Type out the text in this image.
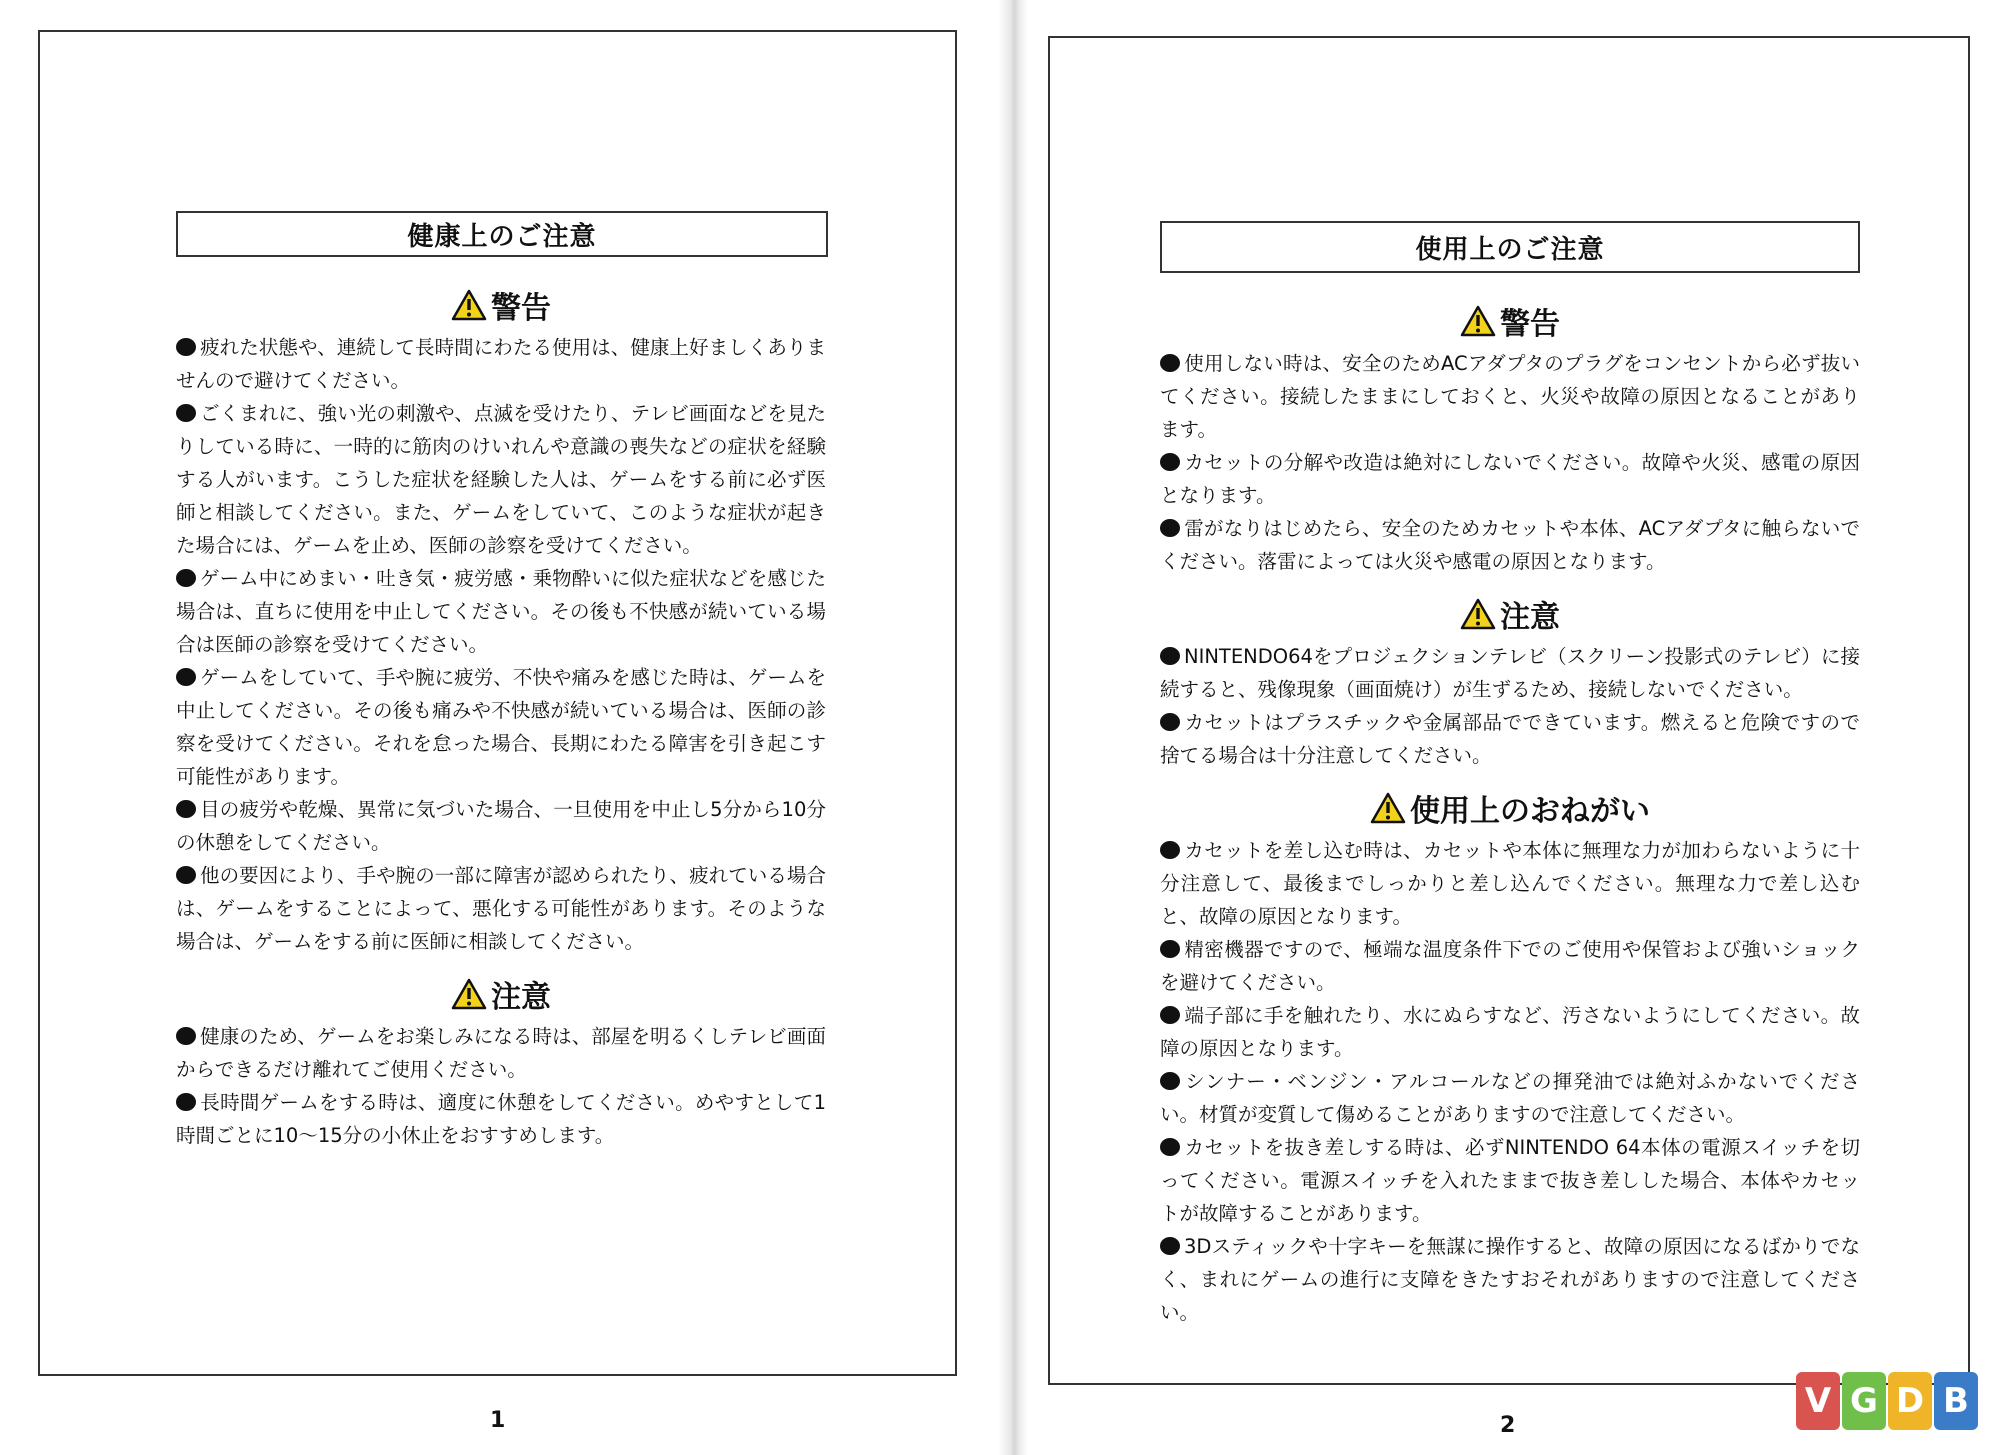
健康上のご注意
警告

疲れた状態や、連続して長時間にわたる使用は、健康上好ましくありませんので避けてください。

ごくまれに、強い光の刺激や、点滅を受けたり、テレビ画面などを見たりしている時に、一時的に筋肉のけいれんや意識の喪失などの症状を経験する人がいます。こうした症状を経験した人は、ゲームをする前に必ず医師と相談してください。また、ゲームをしていて、このような症状が起きた場合には、ゲームを止め、医師の診察を受けてください。

ゲーム中にめまい・吐き気・疲労感・乗物酔いに似た症状などを感じた場合は、直ちに使用を中止してください。その後も不快感が続いている場合は医師の診察を受けてください。

ゲームをしていて、手や腕に疲労、不快や痛みを感じた時は、ゲームを中止してください。その後も痛みや不快感が続いている場合は、医師の診察を受けてください。それを怠った場合、長期にわたる障害を引き起こす可能性があります。

目の疲労や乾燥、異常に気づいた場合、一旦使用を中止し5分から10分の休憩をしてください。

他の要因により、手や腕の一部に障害が認められたり、疲れている場合は、ゲームをすることによって、悪化する可能性があります。そのような場合は、ゲームをする前に医師に相談してください。

注意

健康のため、ゲームをお楽しみになる時は、部屋を明るくしテレビ画面からできるだけ離れてご使用ください。

長時間ゲームをする時は、適度に休憩をしてください。めやすとして1時間ごとに10～15分の小休止をおすすめします。

使用上のご注意
警告

使用しない時は、安全のためACアダプタのプラグをコンセントから必ず抜いてください。接続したままにしておくと、火災や故障の原因となることがあります。

カセットの分解や改造は絶対にしないでください。故障や火災、感電の原因となります。

雷がなりはじめたら、安全のためカセットや本体、ACアダプタに触らないでください。落雷によっては火災や感電の原因となります。

注意

NINTENDO64をプロジェクションテレビ（スクリーン投影式のテレビ）に接続すると、残像現象（画面焼け）が生ずるため、接続しないでください。

カセットはプラスチックや金属部品でできています。燃えると危険ですので捨てる場合は十分注意してください。

使用上のおねがい

カセットを差し込む時は、カセットや本体に無理な力が加わらないように十分注意して、最後までしっかりと差し込んでください。無理な力で差し込むと、故障の原因となります。

精密機器ですので、極端な温度条件下でのご使用や保管および強いショックを避けてください。

端子部に手を触れたり、水にぬらすなど、汚さないようにしてください。故障の原因となります。

シンナー・ベンジン・アルコールなどの揮発油では絶対ふかないでください。材質が変質して傷めることがありますので注意してください。

カセットを抜き差しする時は、必ずNINTENDO 64本体の電源スイッチを切ってください。電源スイッチを入れたままで抜き差しした場合、本体やカセットが故障することがあります。

3Dスティックや十字キーを無謀に操作すると、故障の原因になるばかりでなく、まれにゲームの進行に支障をきたすおそれがありますので注意してください。

1	2
V G D B
